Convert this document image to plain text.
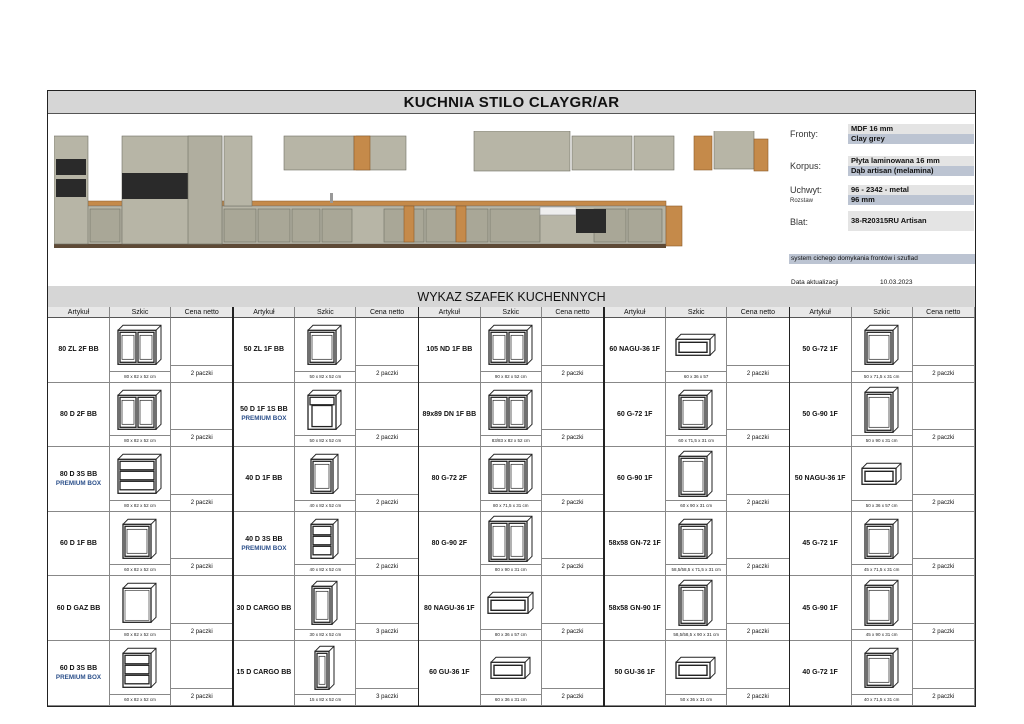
KUCHNIA STILO CLAYGR/AR
Fronty:
MDF 16 mm
Clay grey
Korpus:
Płyta laminowana 16 mm
Dąb artisan (melamina)
Uchwyt:	96 - 2342 - metal
Rozstaw	96 mm
Blat:	38-R20315RU Artisan
system cichego domykania frontów i szuflad
Data aktualizacji	10.03.2023
WYKAZ SZAFEK KUCHENNYCH
Artykuł	Szkic	Cena netto
80 ZL 2F BB
80 x 82 x 52 cm	2 paczki
80 D 2F BB
80 x 82 x 52 cm	2 paczki
80 D 3S BB
PREMIUM BOX
80 x 82 x 52 cm	2 paczki
60 D 1F BB
60 x 82 x 52 cm	2 paczki
60 D GAZ BB
80 x 82 x 52 cm	2 paczki
60 D 3S BB
PREMIUM BOX
60 x 82 x 52 cm	2 paczki
Artykuł	Szkic	Cena netto
50 ZL 1F BB
50 x 82 x 52 cm	2 paczki
50 D 1F 1S BB
PREMIUM BOX
50 x 82 x 52 cm	2 paczki
40 D 1F BB
40 x 82 x 52 cm	2 paczki
40 D 3S BB
PREMIUM BOX
40 x 82 x 52 cm	2 paczki
30 D CARGO BB
30 x 82 x 52 cm	3 paczki
15 D CARGO BB
15 x 82 x 52 cm	3 paczki
Artykuł	Szkic	Cena netto
105 ND 1F BB
90 x 82 x 52 cm	2 paczki
89x89 DN 1F BB
83/83 x 82 x 52 cm	2 paczki
80 G-72 2F
80 x 71,5 x 31 cm	2 paczki
80 G-90 2F
80 x 90 x 31 cm	2 paczki
80 NAGU-36 1F
80 x 36 x 57 cm	2 paczki
60 GU-36 1F
60 x 36 x 31 cm	2 paczki
Artykuł	Szkic	Cena netto
60 NAGU-36 1F
60 x 36 x 57	2 paczki
60 G-72 1F
60 x 71,5 x 31 cm	2 paczki
60 G-90 1F
60 x 90 x 31 cm	2 paczki
58x58 GN-72 1F
58,5/58,5 x 71,5 x 31 cm	2 paczki
58x58 GN-90 1F
58,5/58,5 x 90 x 31 cm	2 paczki
50 GU-36 1F
50 x 36 x 31 cm	2 paczki
Artykuł	Szkic	Cena netto
50 G-72 1F
50 x 71,5 x 31 cm	2 paczki
50 G-90 1F
50 x 90 x 31 cm	2 paczki
50 NAGU-36 1F
50 x 36 x 57 cm	2 paczki
45 G-72 1F
45 x 71,5 x 31 cm	2 paczki
45 G-90 1F
45 x 90 x 31 cm	2 paczki
40 G-72 1F
40 x 71,5 x 31 cm	2 paczki
